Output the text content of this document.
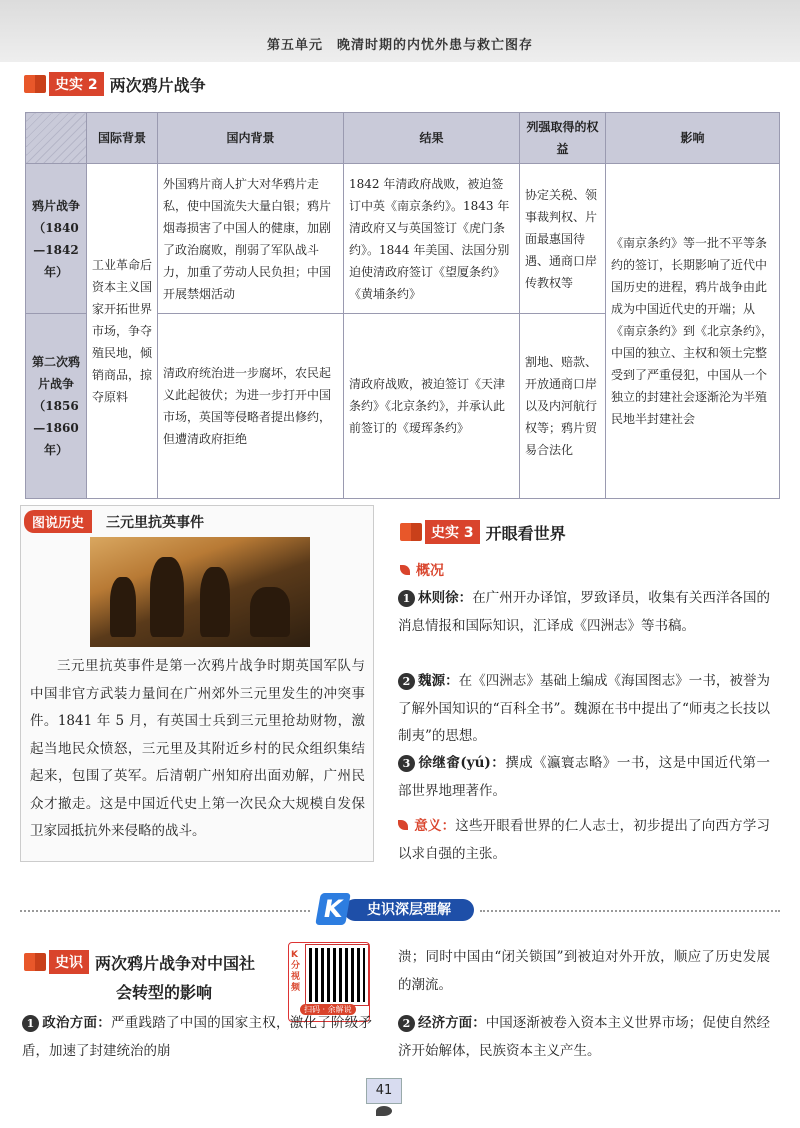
第五单元　晚清时期的内忧外患与救亡图存
史实 2 两次鸦片战争
	国际背景	国内背景	结果	列强取得的权益	影响
鸦片战争（1840—1842 年）	工业革命后资本主义国家开拓世界市场，争夺殖民地，倾销商品，掠夺原料	外国鸦片商人扩大对华鸦片走私，使中国流失大量白银；鸦片烟毒损害了中国人的健康，加剧了政治腐败，削弱了军队战斗力，加重了劳动人民负担；中国开展禁烟活动	1842 年清政府战败，被迫签订中英《南京条约》。1843 年清政府又与英国签订《虎门条约》。1844 年美国、法国分别迫使清政府签订《望厦条约》《黄埔条约》	协定关税、领事裁判权、片面最惠国待遇、通商口岸传教权等	《南京条约》等一批不平等条约的签订，长期影响了近代中国历史的进程，鸦片战争由此成为中国近代史的开端；从《南京条约》到《北京条约》，中国的独立、主权和领土完整受到了严重侵犯，中国从一个独立的封建社会逐渐沦为半殖民地半封建社会
第二次鸦片战争（1856—1860 年）		清政府统治进一步腐坏，农民起义此起彼伏；为进一步打开中国市场，英国等侵略者提出修约，但遭清政府拒绝	清政府战败，被迫签订《天津条约》《北京条约》，并承认此前签订的《瑷珲条约》	割地、赔款、开放通商口岸以及内河航行权等；鸦片贸易合法化	
图说历史	三元里抗英事件
三元里抗英事件是第一次鸦片战争时期英国军队与中国非官方武装力量间在广州郊外三元里发生的冲突事件。1841 年 5 月，有英国士兵到三元里抢劫财物，激起当地民众愤怒，三元里及其附近乡村的民众组织集结起来，包围了英军。后清朝广州知府出面劝解，广州民众才撤走。这是中国近代史上第一次民众大规模自发保卫家园抵抗外来侵略的战斗。
史实 3 开眼看世界
概况
1 林则徐：在广州开办译馆，罗致译员，收集有关西洋各国的消息情报和国际知识，汇译成《四洲志》等书稿。
2 魏源：在《四洲志》基础上编成《海国图志》一书，被誉为了解外国知识的“百科全书”。魏源在书中提出了“师夷之长技以制夷”的思想。
3 徐继畬(yú)：撰成《瀛寰志略》一书，这是中国近代第一部世界地理著作。
意义：这些开眼看世界的仁人志士，初步提出了向西方学习以求自强的主张。
史识深层理解
K
史识 两次鸦片战争对中国社
会转型的影响
K分视频
扫码 · 余解说
1 政治方面：严重践踏了中国的国家主权，激化了阶级矛盾，加速了封建统治的崩
溃；同时中国由“闭关锁国”到被迫对外开放，顺应了历史发展的潮流。
2 经济方面：中国逐渐被卷入资本主义世界市场；促使自然经济开始解体，民族资本主义产生。
41
